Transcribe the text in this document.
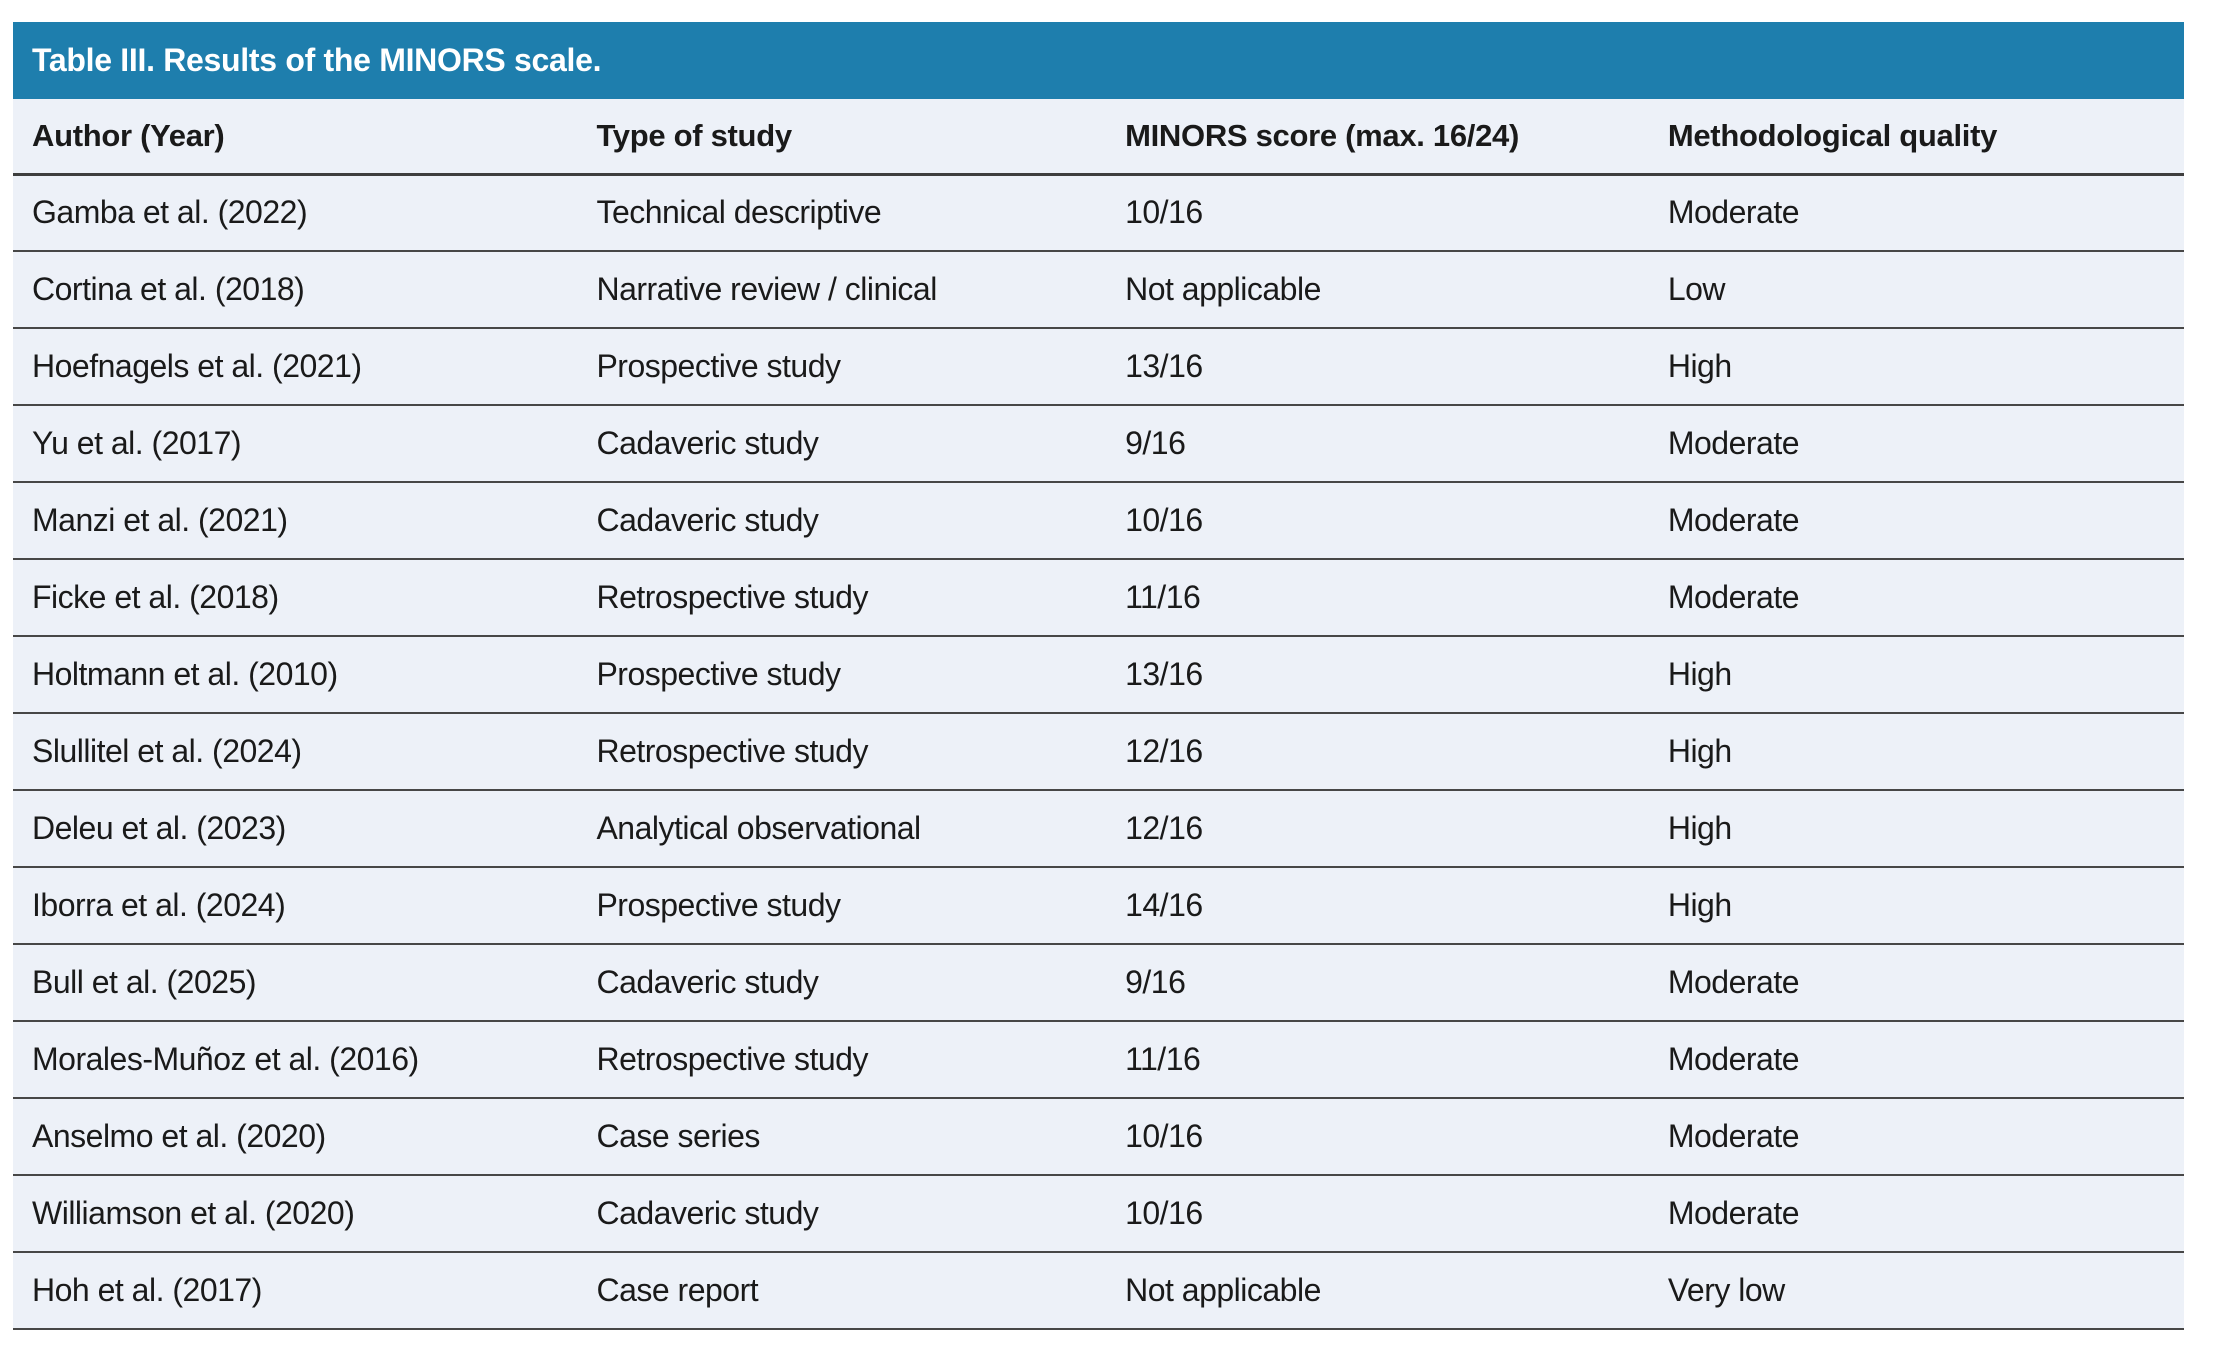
Table III. Results of the MINORS scale.
Author (Year)	Type of study	MINORS score (max. 16/24)	Methodological quality
Gamba et al. (2022)	Technical descriptive	10/16	Moderate
Cortina et al. (2018)	Narrative review / clinical	Not applicable	Low
Hoefnagels et al. (2021)	Prospective study	13/16	High
Yu et al. (2017)	Cadaveric study	9/16	Moderate
Manzi et al. (2021)	Cadaveric study	10/16	Moderate
Ficke et al. (2018)	Retrospective study	11/16	Moderate
Holtmann et al. (2010)	Prospective study	13/16	High
Slullitel et al. (2024)	Retrospective study	12/16	High
Deleu et al. (2023)	Analytical observational	12/16	High
Iborra et al. (2024)	Prospective study	14/16	High
Bull et al. (2025)	Cadaveric study	9/16	Moderate
Morales-Muñoz et al. (2016)	Retrospective study	11/16	Moderate
Anselmo et al. (2020)	Case series	10/16	Moderate
Williamson et al. (2020)	Cadaveric study	10/16	Moderate
Hoh et al. (2017)	Case report	Not applicable	Very low
